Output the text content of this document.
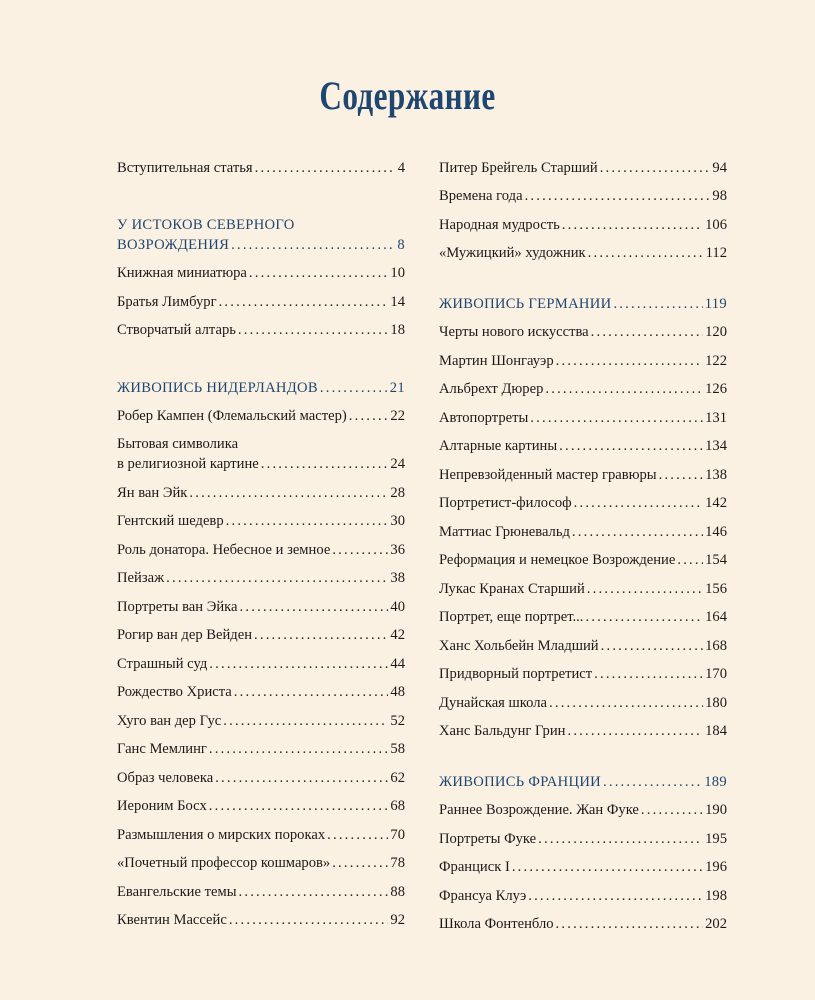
Содержание
Вступительная статья .....	4
У ИСТОКОВ СЕВЕРНОГО
ВОЗРОЖДЕНИЯ .....	8
Книжная миниатюра .....	10
Братья Лимбург .....	14
Створчатый алтарь .....	18
ЖИВОПИСЬ НИДЕРЛАНДОВ .....	21
Робер Кампен (Флемальский мастер) .....	22
Бытовая символика
в религиозной картине .....	24
Ян ван Эйк .....	28
Гентский шедевр .....	30
Роль донатора. Небесное и земное .....	36
Пейзаж .....	38
Портреты ван Эйка .....	40
Рогир ван дер Вейден .....	42
Страшный суд .....	44
Рождество Христа .....	48
Хуго ван дер Гус .....	52
Ганс Мемлинг .....	58
Образ человека .....	62
Иероним Босх .....	68
Размышления о мирских пороках .....	70
«Почетный профессор кошмаров» .....	78
Евангельские темы .....	88
Квентин Массейс .....	92
Питер Брейгель Старший .....	94
Времена года .....	98
Народная мудрость .....	106
«Мужицкий» художник .....	112
ЖИВОПИСЬ ГЕРМАНИИ .....	119
Черты нового искусства .....	120
Мартин Шонгауэр .....	122
Альбрехт Дюрер .....	126
Автопортреты .....	131
Алтарные картины .....	134
Непревзойденный мастер гравюры .....	138
Портретист-философ .....	142
Маттиас Грюневальд .....	146
Реформация и немецкое Возрождение ..... 154
Лукас Кранах Старший .....	156
Портрет, еще портрет... .....	164
Ханс Хольбейн Младший .....	168
Придворный портретист .....	170
Дунайская школа .....	180
Ханс Бальдунг Грин .....	184
ЖИВОПИСЬ ФРАНЦИИ .....	189
Раннее Возрождение. Жан Фуке .....	190
Портреты Фуке .....	195
Франциск I .....	196
Франсуа Клуэ .....	198
Школа Фонтенбло .....	202
